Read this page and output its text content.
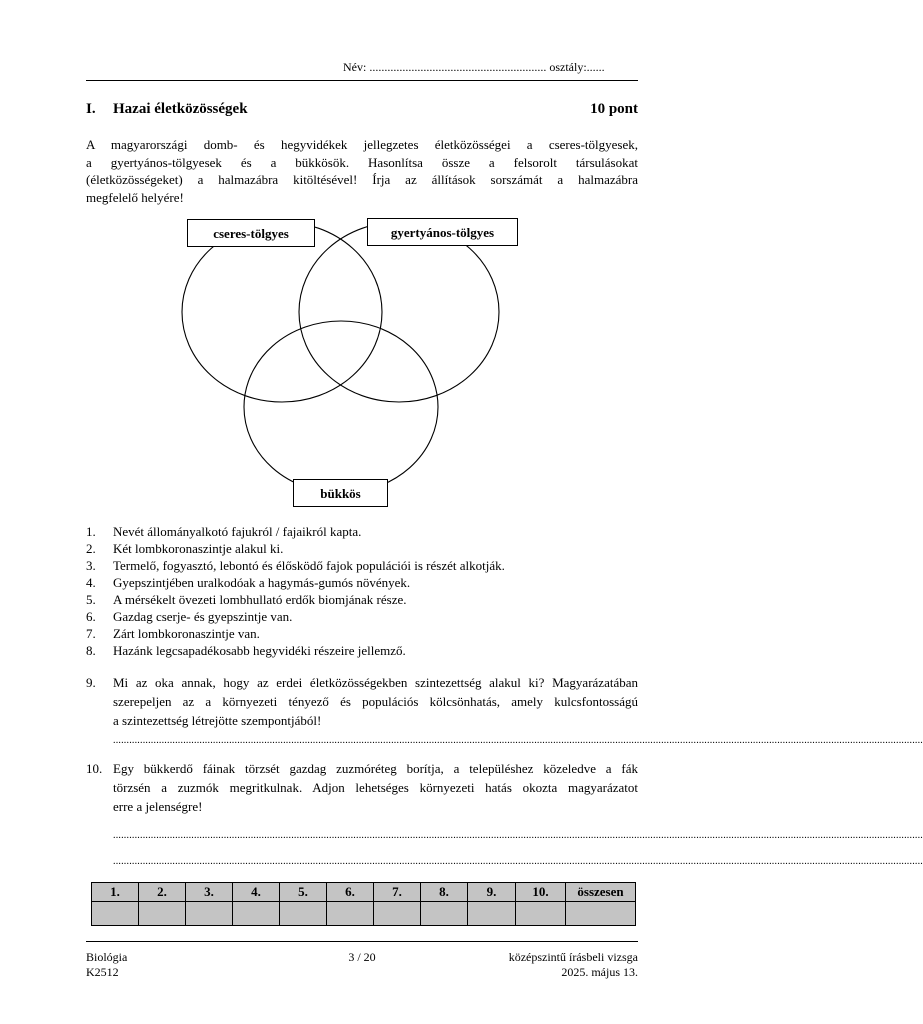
Név: ........................................................... osztály:......
I. Hazai életközösségek	10 pont
A magyarországi domb- és hegyvidékek jellegzetes életközösségei a cseres-tölgyesek,
a gyertyános-tölgyesek és a bükkösök. Hasonlítsa össze a felsorolt társulásokat
(életközösségeket) a halmazábra kitöltésével! Írja az állítások sorszámát a halmazábra
megfelelő helyére!
cseres-tölgyes	gyertyános-tölgyes
bükkös
1. Nevét állományalkotó fajukról / fajaikról kapta.
2. Két lombkoronaszintje alakul ki.
3. Termelő, fogyasztó, lebontó és élősködő fajok populációi is részét alkotják.
4. Gyepszintjében uralkodóak a hagymás-gumós növények.
5. A mérsékelt övezeti lombhullató erdők biomjának része.
6. Gazdag cserje- és gyepszintje van.
7. Zárt lombkoronaszintje van.
8. Hazánk legcsapadékosabb hegyvidéki részeire jellemző.
9. Mi az oka annak, hogy az erdei életközösségekben szintezettség alakul ki? Magyarázatában
szerepeljen az a környezeti tényező és populációs kölcsönhatás, amely kulcsfontosságú
a szintezettség létrejötte szempontjából!
............................................................................................................................................................................................................................................................................................................
10. Egy bükkerdő fáinak törzsét gazdag zuzmóréteg borítja, a településhez közeledve a fák
törzsén a zuzmók megritkulnak. Adjon lehetséges környezeti hatás okozta magyarázatot
erre a jelenségre!
............................................................................................................................................................................................................................................................................................................
............................................................................................................................................................................................................................................................................................................
1.	2.	3.	4.	5.	6.	7.	8.	9.	10.	összesen

Biológia
K2512
3 / 20	középszintű írásbeli vizsga
2025. május 13.
